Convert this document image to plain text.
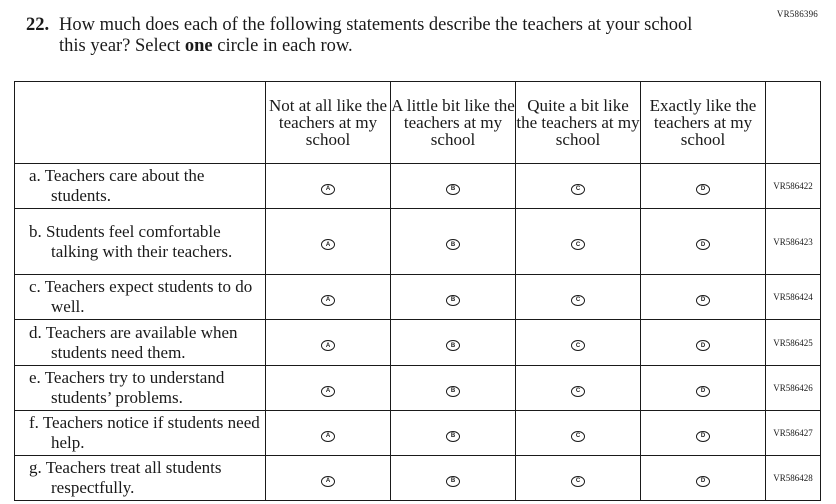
VR586396
22. How much does each of the following statements describe the teachers at your school
this year? Select one circle in each row.
	Not at all like the teachers at my school	A little bit like the teachers at my school	Quite a bit like the teachers at my school	Exactly like the teachers at my school	

a. Teachers care about the students.	A	B	C	D	VR586422

b. Students feel comfortable talking with their teachers.	A	B	C	D	VR586423

c. Teachers expect students to do well.	A	B	C	D	VR586424

d. Teachers are available when students need them.	A	B	C	D	VR586425

e. Teachers try to understand students’ problems.	A	B	C	D	VR586426

f. Teachers notice if students need help.	A	B	C	D	VR586427

g. Teachers treat all students respectfully.	A	B	C	D	VR586428
